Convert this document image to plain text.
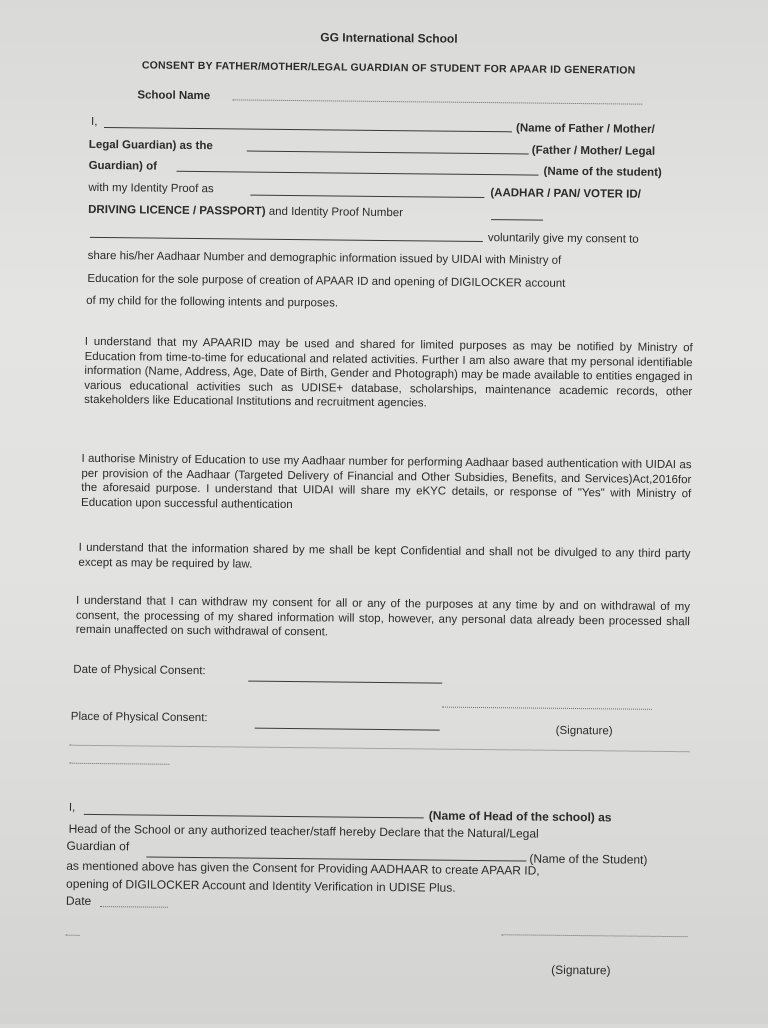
GG International School
CONSENT BY FATHER/MOTHER/LEGAL GUARDIAN OF STUDENT FOR APAAR ID GENERATION
School Name
I,
(Name of Father / Mother/
Legal Guardian) as the	(Father / Mother/ Legal
Guardian) of	(Name of the student)
with my Identity Proof as	(AADHAR / PAN/ VOTER ID/
DRIVING LICENCE / PASSPORT) and Identity Proof Number
voluntarily give my consent to
share his/her Aadhaar Number and demographic information issued by UIDAI with Ministry of
Education for the sole purpose of creation of APAAR ID and opening of DIGILOCKER account
of my child for the following intents and purposes.
I understand that my APAARID may be used and shared for limited purposes as may be notified by Ministry of Education from time-to-time for educational and related activities. Further I am also aware that my personal identifiable information (Name, Address, Age, Date of Birth, Gender and Photograph) may be made available to entities engaged in various educational activities such as UDISE+ database, scholarships, maintenance academic records, other stakeholders like Educational Institutions and recruitment agencies.
I authorise Ministry of Education to use my Aadhaar number for performing Aadhaar based authentication with UIDAI as per provision of the Aadhaar (Targeted Delivery of Financial and Other Subsidies, Benefits, and Services)Act,2016for the aforesaid purpose. I understand that UIDAI will share my eKYC details, or response of "Yes" with Ministry of Education upon successful authentication
I understand that the information shared by me shall be kept Confidential and shall not be divulged to any third party except as may be required by law.
I understand that I can withdraw my consent for all or any of the purposes at any time by and on withdrawal of my consent, the processing of my shared information will stop, however, any personal data already been processed shall remain unaffected on such withdrawal of consent.
Date of Physical Consent:
Place of Physical Consent:
(Signature)
I,
(Name of Head of the school) as
Head of the School or any authorized teacher/staff hereby Declare that the Natural/Legal
Guardian of
(Name of the Student)
as mentioned above has given the Consent for Providing AADHAAR to create APAAR ID,
opening of DIGILOCKER Account and Identity Verification in UDISE Plus.
Date
(Signature)
